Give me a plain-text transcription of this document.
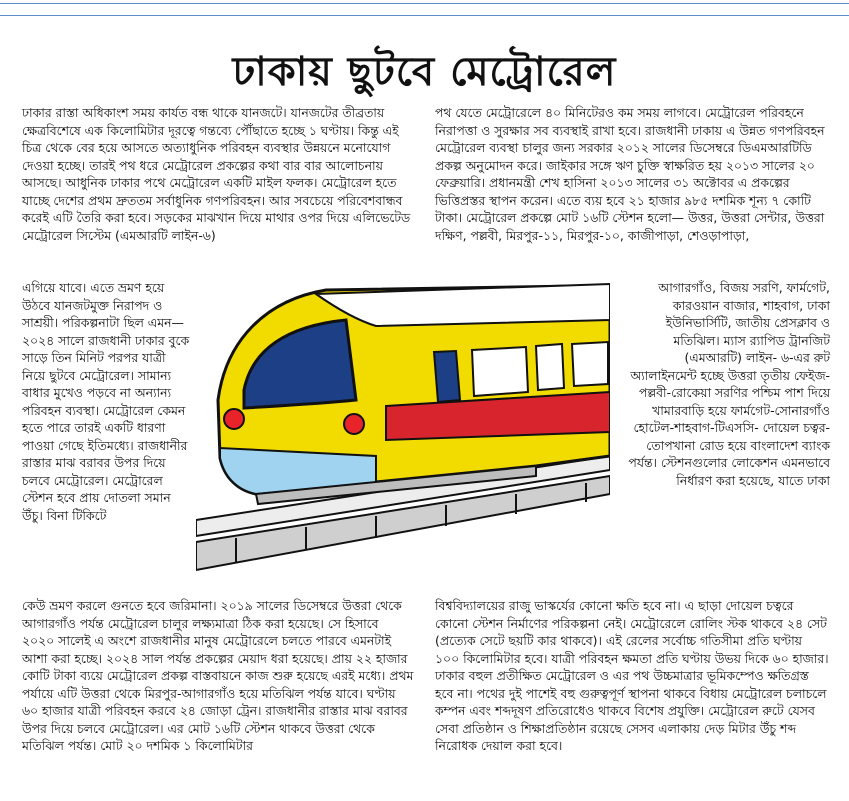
ঢাকায় ছুটবে মেট্রোরেল

ঢাকার রাস্তা অধিকাংশ সময় কার্যত বন্ধ থাকে যানজটে। যানজটের তীব্রতায় ক্ষেত্রবিশেষে এক কিলোমিটার দূরত্বে গন্তব্যে পৌঁছাতে হচ্ছে ১ ঘণ্টায়। কিন্তু এই চিত্র থেকে বের হয়ে আসতে অত্যাধুনিক পরিবহন ব্যবস্থার উন্নয়নে মনোযোগ দেওয়া হচ্ছে। তারই পথ ধরে মেট্রোরেল প্রকল্পের কথা বার বার আলোচনায় আসছে। আধুনিক ঢাকার পথে মেট্রোরেল একটি মাইল ফলক। মেট্রোরেল হতে যাচ্ছে দেশের প্রথম দ্রুততম সর্বাধুনিক গণপরিবহন। আর সবচেয়ে পরিবেশবান্ধব করেই এটি তৈরি করা হবে। সড়কের মাঝখান দিয়ে মাথার ওপর দিয়ে এলিভেটেড মেট্রোরেল সিস্টেম (এমআরটি লাইন-৬)

পথ যেতে মেট্রোরেলে ৪০ মিনিটেরও কম সময় লাগবে। মেট্রোরেল পরিবহনে নিরাপত্তা ও সুরক্ষার সব ব্যবস্থাই রাখা হবে। রাজধানী ঢাকায় এ উন্নত গণপরিবহন মেট্রোরেল ব্যবস্থা চালুর জন্য সরকার ২০১২ সালের ডিসেম্বরে ডিএমআরটিডি প্রকল্প অনুমোদন করে। জাইকার সঙ্গে ঋণ চুক্তি স্বাক্ষরিত হয় ২০১৩ সালের ২০ ফেব্রুয়ারি। প্রধানমন্ত্রী শেখ হাসিনা ২০১৩ সালের ৩১ অক্টোবর এ প্রকল্পের ভিত্তিপ্রস্তর স্থাপন করেন। এতে ব্যয় হবে ২১ হাজার ৯৮৫ দশমিক শূন্য ৭ কোটি টাকা। মেট্রোরেল প্রকল্পে মোট ১৬টি স্টেশন হলো— উত্তর, উত্তরা সেন্টার, উত্তরা দক্ষিণ, পল্লবী, মিরপুর-১১, মিরপুর-১০, কাজীপাড়া, শেওড়াপাড়া,

এগিয়ে যাবে। এতে ভ্রমণ হয়ে উঠবে যানজটমুক্ত নিরাপদ ও সাশ্রয়ী। পরিকল্পনাটা ছিল এমন— ২০২৪ সালে রাজধানী ঢাকার বুকে সাড়ে তিন মিনিট পরপর যাত্রী নিয়ে ছুটবে মেট্রোরেল। সামান্য বাধার মুখেও পড়বে না অন্যান্য পরিবহন ব্যবস্থা। মেট্রোরেল কেমন হতে পারে তারই একটি ধারণা পাওয়া গেছে ইতিমধ্যে। রাজধানীর রাস্তার মাঝ বরাবর উপর দিয়ে চলবে মেট্রোরেল। মেট্রোরেল স্টেশন হবে প্রায় দোতলা সমান উঁচু। বিনা টিকিটে

আগারগাঁও, বিজয় সরণি, ফার্মগেট, কারওয়ান বাজার, শাহবাগ, ঢাকা ইউনিভার্সিটি, জাতীয় প্রেসক্লাব ও মতিঝিল। ম্যাস র‍্যাপিড ট্রানজিট (এমআরটি) লাইন- ৬-এর রুট অ্যালাইনমেন্ট হচ্ছে উত্তরা তৃতীয় ফেইজ- পল্লবী-রোকেয়া সরণির পশ্চিম পাশ দিয়ে খামারবাড়ি হয়ে ফার্মগেট-সোনারগাঁও হোটেল-শাহবাগ-টিএসসি- দোয়েল চত্বর-তোপখানা রোড হয়ে বাংলাদেশ ব্যাংক পর্যন্ত। স্টেশনগুলোর লোকেশন এমনভাবে নির্ধারণ করা হয়েছে, যাতে ঢাকা

কেউ ভ্রমণ করলে গুনতে হবে জরিমানা। ২০১৯ সালের ডিসেম্বরে উত্তরা থেকে আগারগাঁও পর্যন্ত মেট্রোরেল চালুর লক্ষ্যমাত্রা ঠিক করা হয়েছে। সে হিসাবে ২০২০ সালেই এ অংশে রাজধানীর মানুষ মেট্রোরেলে চলতে পারবে এমনটাই আশা করা হচ্ছে। ২০২৪ সাল পর্যন্ত প্রকল্পের মেয়াদ ধরা হয়েছে। প্রায় ২২ হাজার কোটি টাকা ব্যয়ে মেট্রোরেল প্রকল্প বাস্তবায়নে কাজ শুরু হয়েছে এরই মধ্যে। প্রথম পর্যায়ে এটি উত্তরা থেকে মিরপুর-আগারগাঁও হয়ে মতিঝিল পর্যন্ত যাবে। ঘণ্টায় ৬০ হাজার যাত্রী পরিবহন করবে ২৪ জোড়া ট্রেন। রাজধানীর রাস্তার মাঝ বরাবর উপর দিয়ে চলবে মেট্রোরেল। এর মোট ১৬টি স্টেশন থাকবে উত্তরা থেকে মতিঝিল পর্যন্ত। মোট ২০ দশমিক ১ কিলোমিটার

বিশ্ববিদ্যালয়ের রাজু ভাস্কর্যের কোনো ক্ষতি হবে না। এ ছাড়া দোয়েল চত্বরে কোনো স্টেশন নির্মাণের পরিকল্পনা নেই। মেট্রোরেলে রোলিং স্টক থাকবে ২৪ সেট (প্রত্যেক সেটে ছয়টি কার থাকবে)। এই রেলের সর্বোচ্চ গতিসীমা প্রতি ঘণ্টায় ১০০ কিলোমিটার হবে। যাত্রী পরিবহন ক্ষমতা প্রতি ঘণ্টায় উভয় দিকে ৬০ হাজার। ঢাকার বহুল প্রতীক্ষিত মেট্রোরেল ও এর পথ উচ্চমাত্রার ভূমিকম্পেও ক্ষতিগ্রস্ত হবে না। পথের দুই পাশেই বহু গুরুত্বপূর্ণ স্থাপনা থাকবে বিধায় মেট্রোরেল চলাচলে কম্পন এবং শব্দদূষণ প্রতিরোধেও থাকবে বিশেষ প্রযুক্তি। মেট্রোরেল রুটে যেসব সেবা প্রতিষ্ঠান ও শিক্ষাপ্রতিষ্ঠান রয়েছে সেসব এলাকায় দেড় মিটার উঁচু শব্দ নিরোধক দেয়াল করা হবে।
